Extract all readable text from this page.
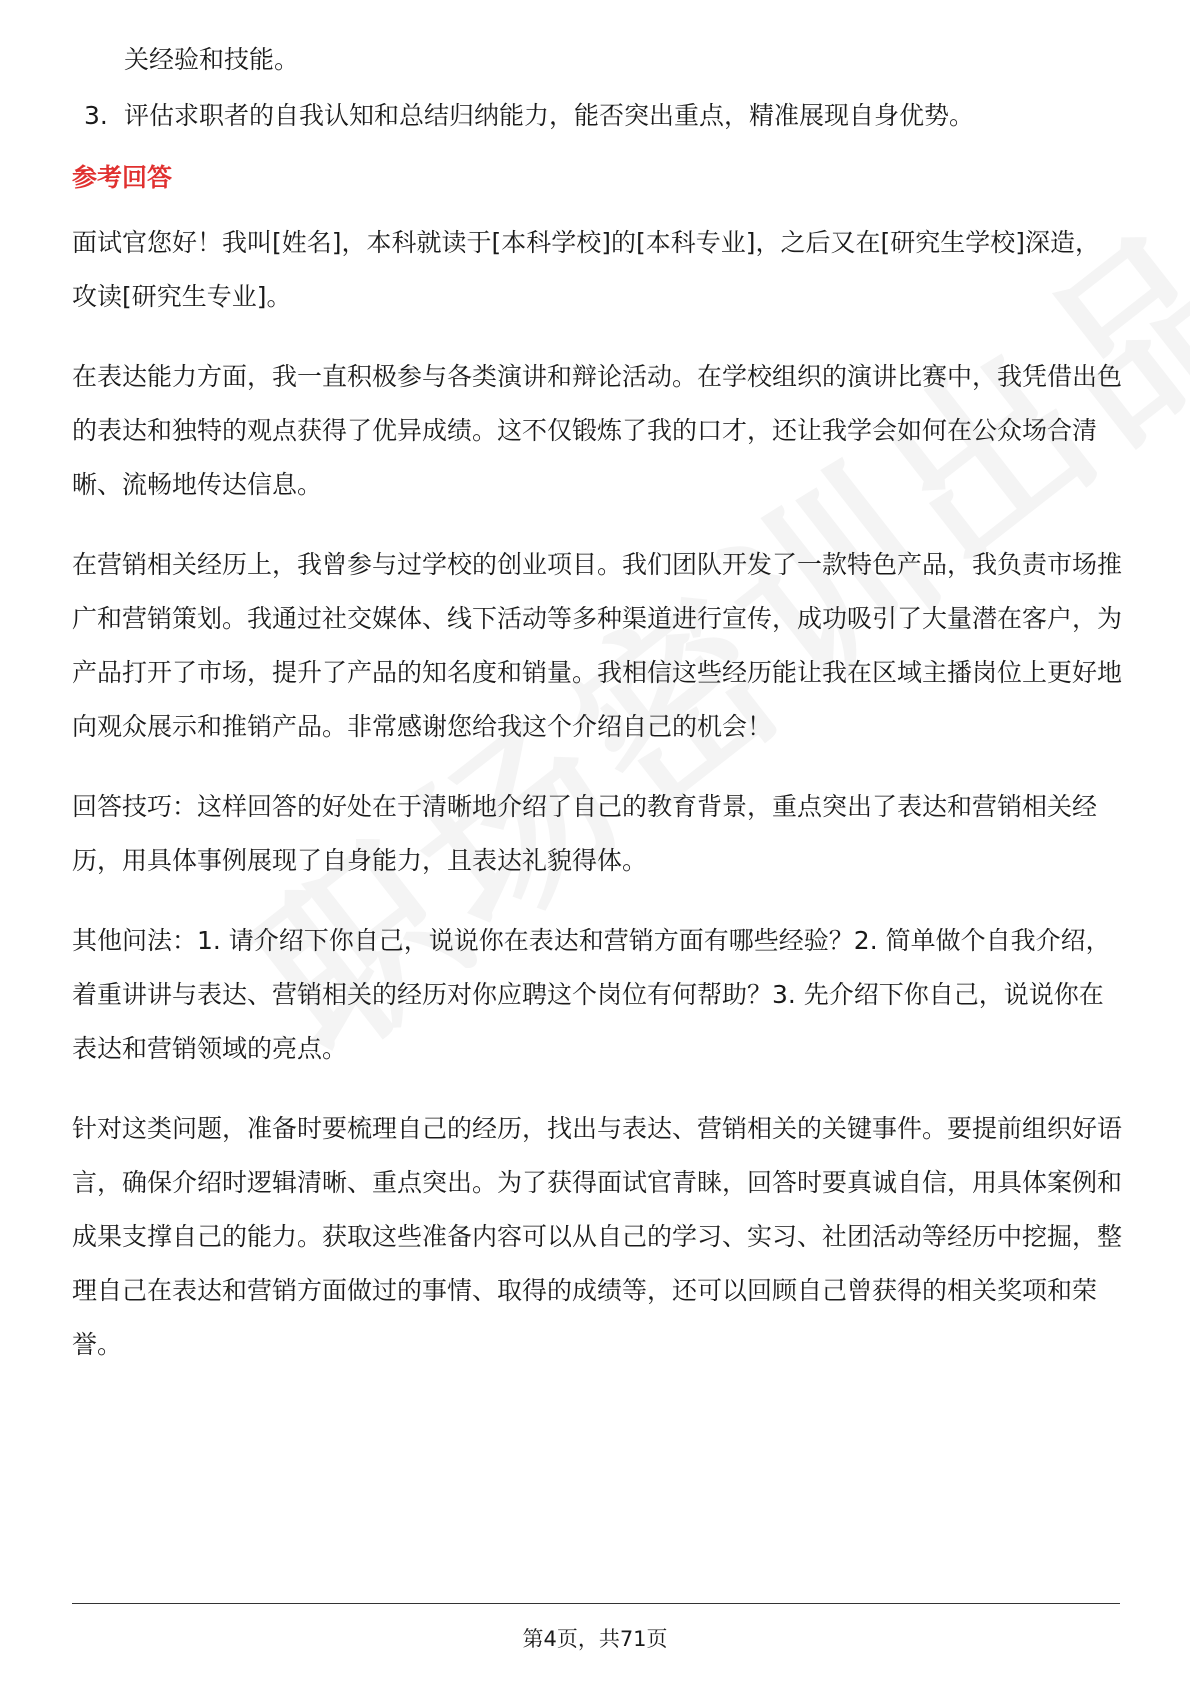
关经验和技能。

3. 评估求职者的自我认知和总结归纳能力，能否突出重点，精准展现自身优势。
参考回答

面试官您好！我叫[姓名]，本科就读于[本科学校]的[本科专业]，之后又在[研究生学校]深造，攻读[研究生专业]。

在表达能力方面，我一直积极参与各类演讲和辩论活动。在学校组织的演讲比赛中，我凭借出色的表达和独特的观点获得了优异成绩。这不仅锻炼了我的口才，还让我学会如何在公众场合清晰、流畅地传达信息。

在营销相关经历上，我曾参与过学校的创业项目。我们团队开发了一款特色产品，我负责市场推广和营销策划。我通过社交媒体、线下活动等多种渠道进行宣传，成功吸引了大量潜在客户，为产品打开了市场，提升了产品的知名度和销量。我相信这些经历能让我在区域主播岗位上更好地向观众展示和推销产品。非常感谢您给我这个介绍自己的机会！

回答技巧：这样回答的好处在于清晰地介绍了自己的教育背景，重点突出了表达和营销相关经历，用具体事例展现了自身能力，且表达礼貌得体。

其他问法：1. 请介绍下你自己，说说你在表达和营销方面有哪些经验？2. 简单做个自我介绍，着重讲讲与表达、营销相关的经历对你应聘这个岗位有何帮助？3. 先介绍下你自己，说说你在表达和营销领域的亮点。

针对这类问题，准备时要梳理自己的经历，找出与表达、营销相关的关键事件。要提前组织好语言，确保介绍时逻辑清晰、重点突出。为了获得面试官青睐，回答时要真诚自信，用具体案例和成果支撑自己的能力。获取这些准备内容可以从自己的学习、实习、社团活动等经历中挖掘，整理自己在表达和营销方面做过的事情、取得的成绩等，还可以回顾自己曾获得的相关奖项和荣誉。

第4页，共71页
